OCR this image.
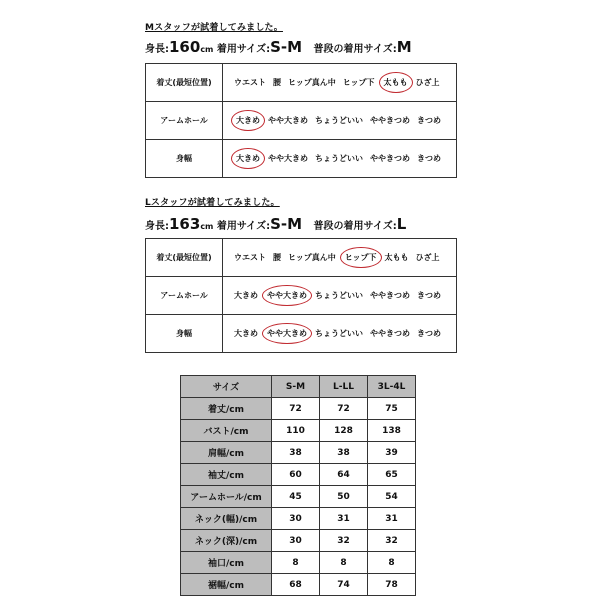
Mスタッフが試着してみました。
身長:160cm 着用サイズ:S-M 普段の着用サイズ:M
着丈(最短位置)	ウエスト 腰 ヒップ真ん中 ヒップ下 太もも ひざ上
アームホール	大きめ やや大きめ ちょうどいい ややきつめ きつめ
身幅	大きめ やや大きめ ちょうどいい ややきつめ きつめ
Lスタッフが試着してみました。
身長:163cm 着用サイズ:S-M 普段の着用サイズ:L
着丈(最短位置)	ウエスト 腰 ヒップ真ん中 ヒップ下 太もも ひざ上
アームホール	大きめ やや大きめ ちょうどいい ややきつめ きつめ
身幅	大きめ やや大きめ ちょうどいい ややきつめ きつめ
サイズ	S-M	L-LL	3L-4L
着丈/cm	72	72	75
バスト/cm	110	128	138
肩幅/cm	38	38	39
袖丈/cm	60	64	65
アームホール/cm	45	50	54
ネック(幅)/cm	30	31	31
ネック(深)/cm	30	32	32
袖口/cm	8	8	8
裾幅/cm	68	74	78
